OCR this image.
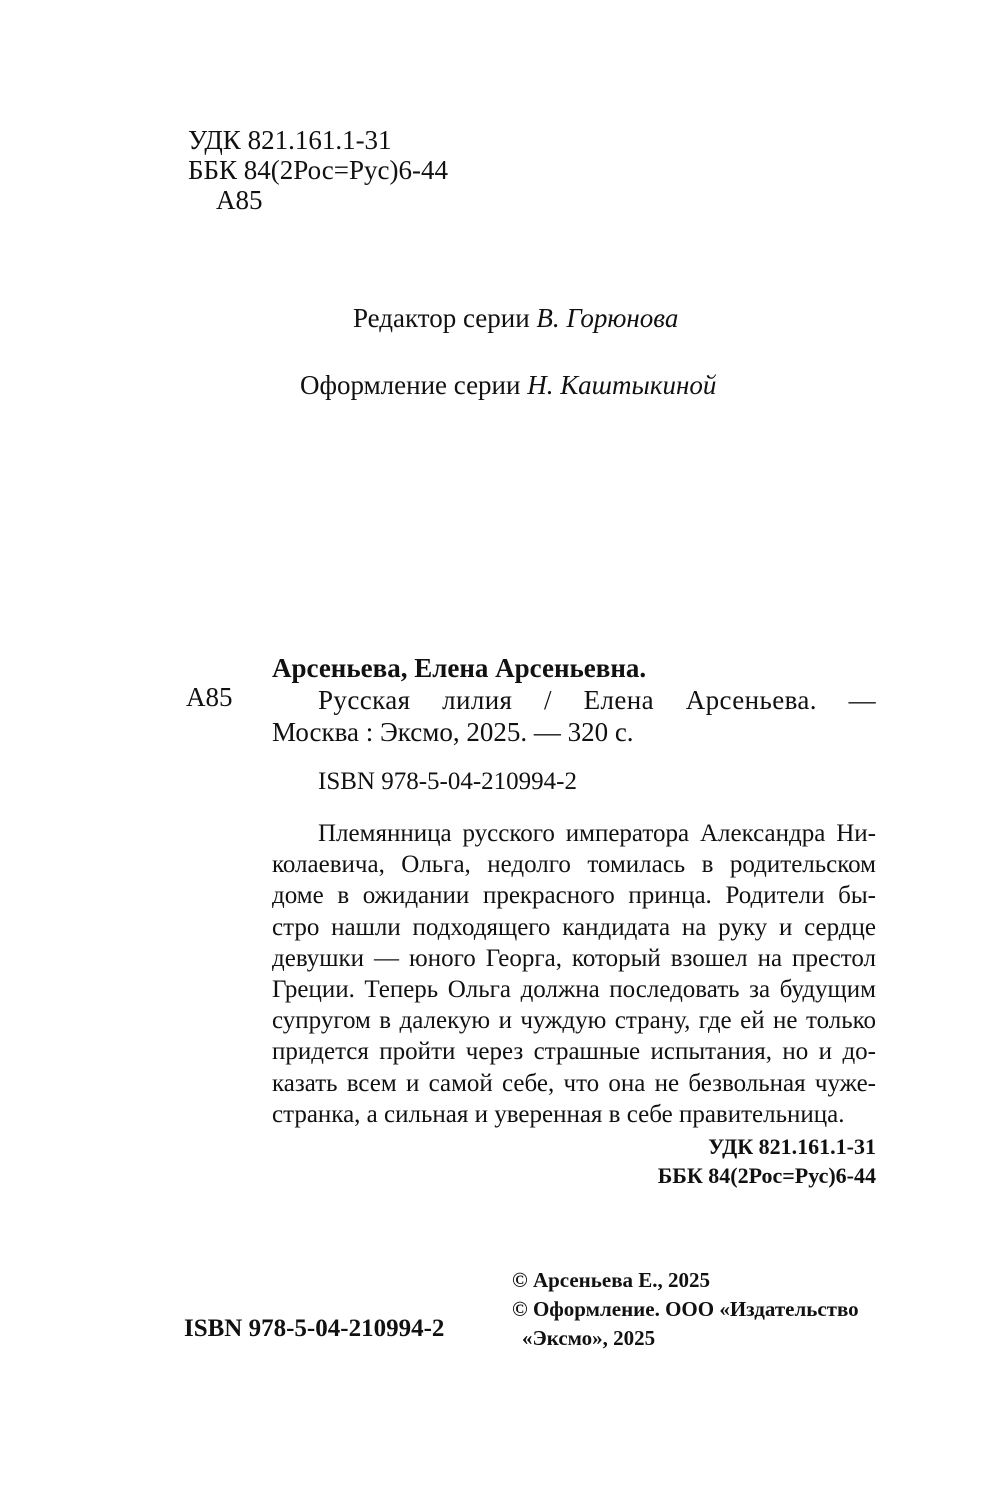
УДК 821.161.1-31
ББК 84(2Рос=Рус)6-44
А85
Редактор серии В. Горюнова
Оформление серии Н. Каштыкиной
Арсеньева, Елена Арсеньевна.
А85	Русская лилия / Елена Арсеньева. —
Москва : Эксмо, 2025. — 320 с.
ISBN 978-5-04-210994-2
Племянница русского императора Александра Ни-
колаевича, Ольга, недолго томилась в родительском
доме в ожидании прекрасного принца. Родители бы-
стро нашли подходящего кандидата на руку и сердце
девушки — юного Георга, который взошел на престол
Греции. Теперь Ольга должна последовать за будущим
супругом в далекую и чуждую страну, где ей не только
придется пройти через страшные испытания, но и до-
казать всем и самой себе, что она не безвольная чуже-
странка, а сильная и уверенная в себе правительница.
УДК 821.161.1-31
ББК 84(2Рос=Рус)6-44
© Арсеньева Е., 2025
© Оформление. ООО «Издательство
«Эксмо», 2025
ISBN 978-5-04-210994-2
